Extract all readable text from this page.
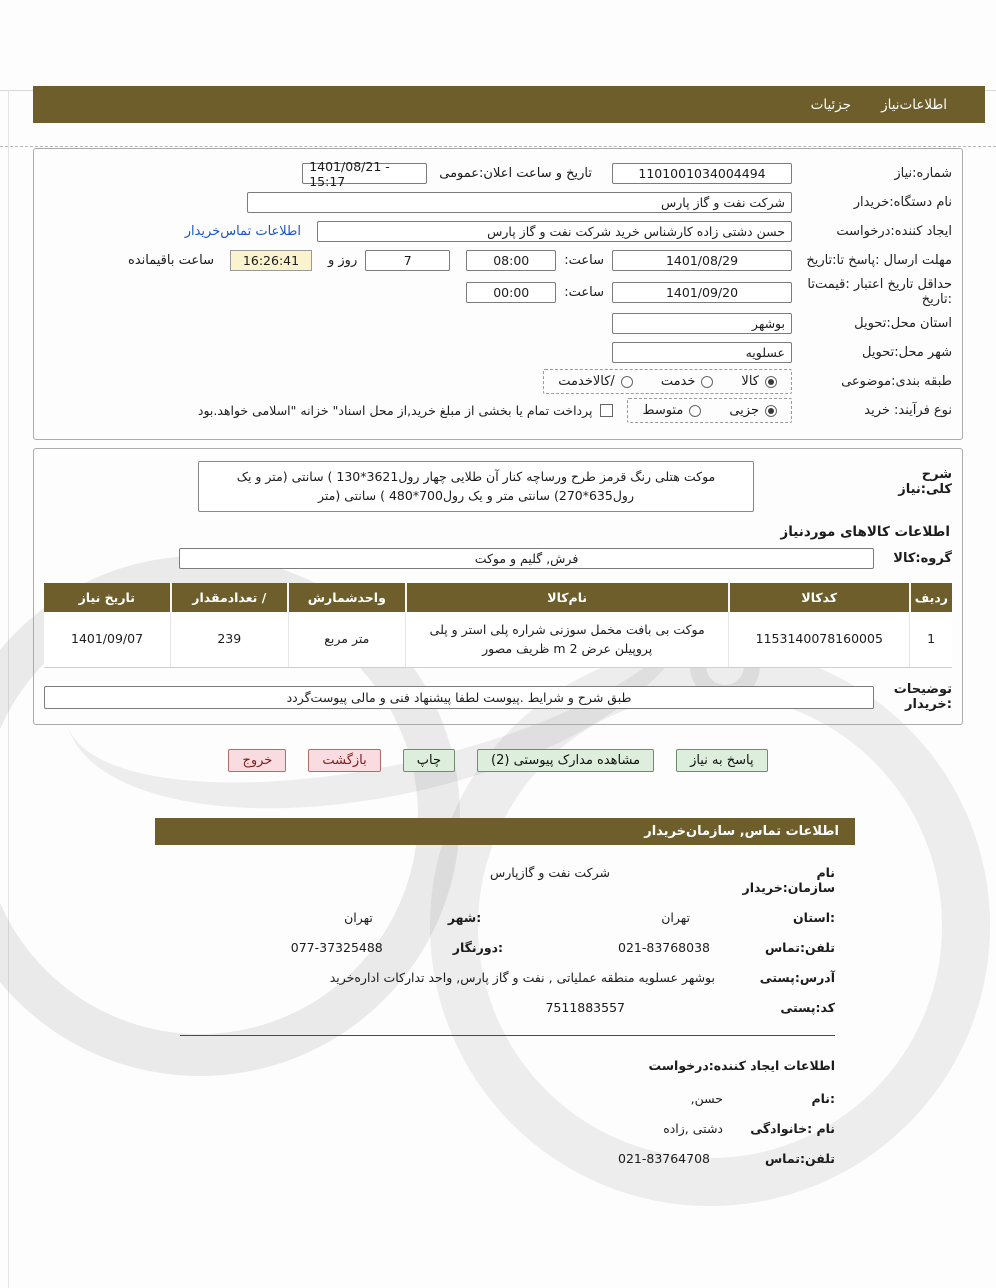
اطلاعات‌نیاز
جزئیات
شماره:نیاز
1101001034004494
تاریخ و ساعت اعلان:عمومی
1401/08/21 - 15:17
نام دستگاه:خریدار
شرکت نفت و گاز پارس
ایجاد کننده:درخواست
حسن دشتی زاده کارشناس خرید شرکت نفت و گاز پارس
اطلاعات تماس‌خریدار
مهلت ارسال :پاسخ تا:تاریخ
1401/08/29
ساعت:
08:00
7
روز و
16:26:41
ساعت باقیمانده
حداقل تاریخ اعتبار :قیمت‌تا
:تاریخ
1401/09/20
ساعت:
00:00
استان محل:تحویل
بوشهر
شهر محل:تحویل
عسلویه
طبقه بندی:موضوعی
کالا
خدمت
/کالاخدمت
نوع فرآیند: خرید
جزیی
متوسط
پرداخت تمام یا بخشی از مبلغ خرید,از محل اسناد" خزانه "اسلامی خواهد.بود
شرح کلی:نیاز
موکت هتلی رنگ قرمز طرح ورساچه کنار آن طلایی چهار رول3621*130 ) سانتی (متر و یک رول635*270) سانتی متر و یک رول700*480 ) سانتی (متر
اطلاعات کالاهای موردنیاز
گروه:کالا
فرش, گلیم و موکت
ردیف	کدکالا	نام‌کالا	واحدشمارش	/ تعدادمقدار	تاریخ نیاز
1	1153140078160005	موکت بی بافت مخمل سوزنی شراره پلی استر و پلی پروپیلن عرض 2 m ظریف مصور	متر مربع	239	1401/09/07
توضیحات
:خریدار
طبق شرح و شرایط .پیوست لطفا پیشنهاد فنی و مالی پیوست‌گردد
پاسخ به نیاز
مشاهده مدارک پیوستی (2)
چاپ
بازگشت
خروج
اطلاعات تماس, سازمان‌خریدار
نام سازمان:خریدار
شرکت نفت و گازپارس
:استان
تهران
:شهر
تهران
تلفن:تماس
021-83768038
:دورنگار
077-37325488
آدرس:پستی
بوشهر عسلویه منطقه عملیاتی , نفت و گاز پارس, واحد تدارکات اداره‌خرید
کد:پستی
7511883557
اطلاعات ایجاد کننده:درخواست
:نام
حسن,
نام :خانوادگی
دشتی ,زاده
تلفن:تماس
021-83764708
